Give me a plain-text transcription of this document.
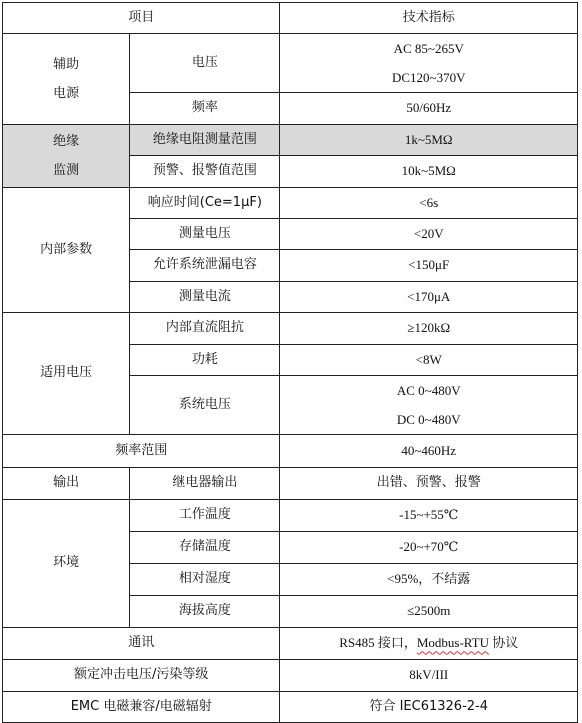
项目		技术指标
辅助
电源	电压	AC 85~265V
DC120~370V
	频率	50/60Hz
绝缘
监测	绝缘电阻测量范围	1k~5MΩ
	预警、报警值范围	10k~5MΩ
内部参数	响应时间(Ce=1μF)	<6s
	测量电压	<20V
	允许系统泄漏电容	<150μF
	测量电流	<170μA
适用电压	内部直流阻抗	≥120kΩ
	功耗	<8W
	系统电压	AC 0~480V
DC 0~480V
频率范围		40~460Hz
输出	继电器输出	出错、预警、报警
环境	工作温度	-15~+55℃
	存储温度	-20~+70℃
	相对湿度	<95%，不结露
	海拔高度	≤2500m
通讯		RS485 接口，Modbus-RTU 协议
额定冲击电压/污染等级		8kV/III
EMC 电磁兼容/电磁辐射		符合 IEC61326-2-4
